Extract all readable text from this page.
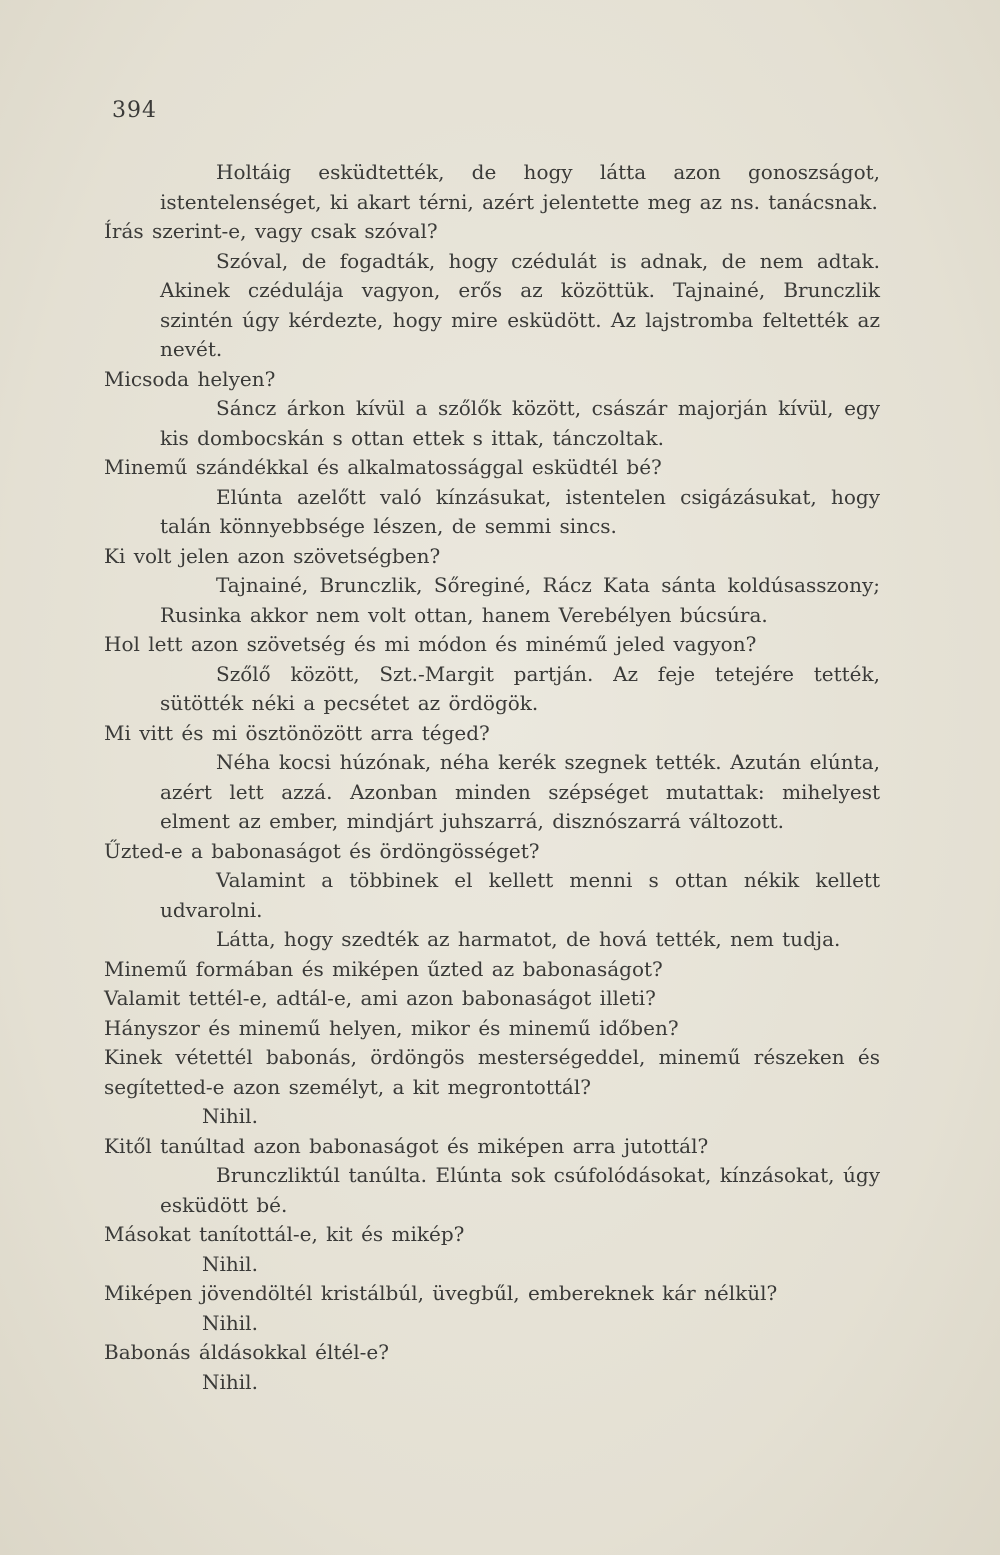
394

Holtáig esküdtették, de hogy látta azon gonoszságot, istentelenséget, ki akart térni, azért jelentette meg az ns. tanácsnak.

Írás szerint-e, vagy csak szóval?

Szóval, de fogadták, hogy czédulát is adnak, de nem adtak. Akinek czédulája vagyon, erős az közöttük. Tajnainé, Brunczlik szintén úgy kérdezte, hogy mire esküdött. Az lajstromba feltették az nevét.

Micsoda helyen?

Sáncz árkon kívül a szőlők között, császár majorján kívül, egy kis dombocskán s ottan ettek s ittak, tánczoltak.

Minemű szándékkal és alkalmatossággal esküdtél bé?

Elúnta azelőtt való kínzásukat, istentelen csigázásukat, hogy talán könnyebbsége lészen, de semmi sincs.

Ki volt jelen azon szövetségben?

Tajnainé, Brunczlik, Sőreginé, Rácz Kata sánta koldúsasszony; Rusinka akkor nem volt ottan, hanem Verebélyen búcsúra.

Hol lett azon szövetség és mi módon és minémű jeled vagyon?

Szőlő között, Szt.-Margit partján. Az feje tetejére tették, sütötték néki a pecsétet az ördögök.

Mi vitt és mi ösztönözött arra téged?

Néha kocsi húzónak, néha kerék szegnek tették. Azután elúnta, azért lett azzá. Azonban minden szépséget mutattak: mihelyest elment az ember, mindjárt juhszarrá, disznószarrá változott.

Űzted-e a babonaságot és ördöngösséget?

Valamint a többinek el kellett menni s ottan nékik kellett udvarolni.

Látta, hogy szedték az harmatot, de hová tették, nem tudja.

Minemű formában és miképen űzted az babonaságot?

Valamit tettél-e, adtál-e, ami azon babonaságot illeti?

Hányszor és minemű helyen, mikor és minemű időben?

Kinek vétettél babonás, ördöngös mesterségeddel, minemű részeken és segítetted-e azon személyt, a kit megrontottál?

Nihil.

Kitől tanúltad azon babonaságot és miképen arra jutottál?

Brunczliktúl tanúlta. Elúnta sok csúfolódásokat, kínzásokat, úgy esküdött bé.

Másokat tanítottál-e, kit és mikép?

Nihil.

Miképen jövendöltél kristálbúl, üvegbűl, embereknek kár nélkül?

Nihil.

Babonás áldásokkal éltél-e?

Nihil.
